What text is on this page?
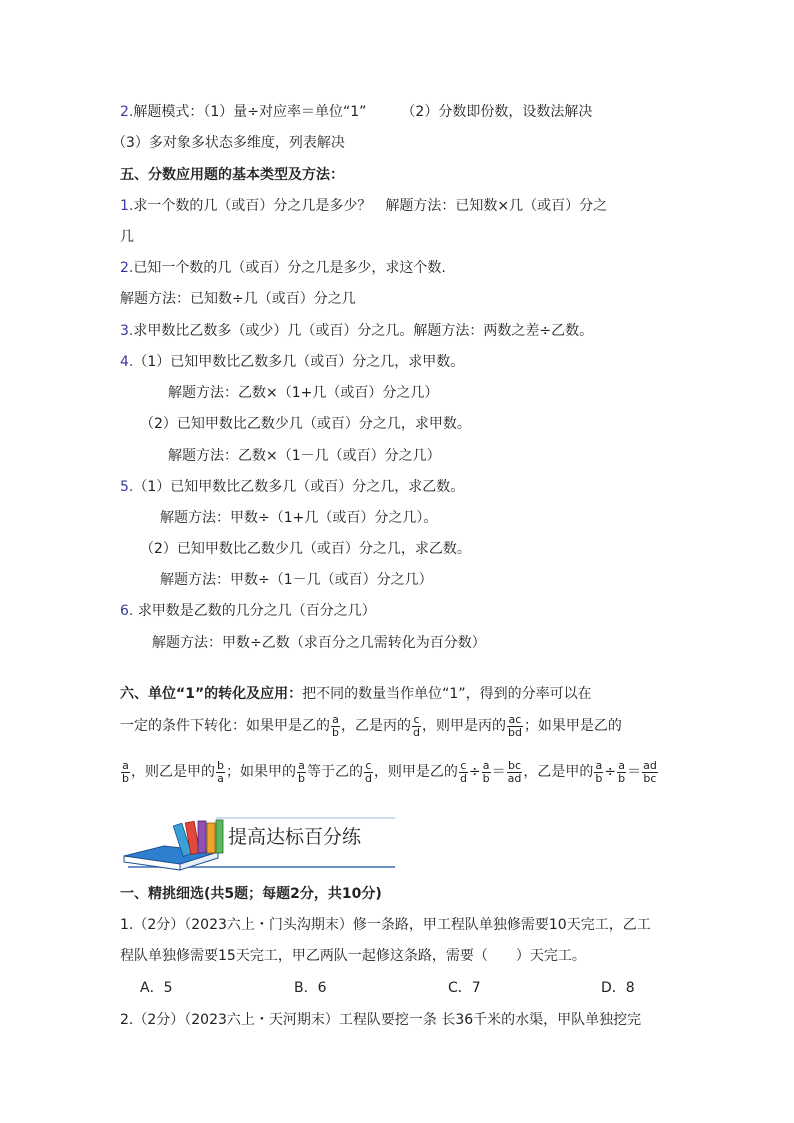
2.解题模式：（1）量÷对应率＝单位“1”　　　（2）分数即份数，设数法解决
（3）多对象多状态多维度，列表解决
五、分数应用题的基本类型及方法：
1.求一个数的几（或百）分之几是多少？　解题方法：已知数×几（或百）分之
几
2.已知一个数的几（或百）分之几是多少，求这个数.
解题方法：已知数÷几（或百）分之几
3.求甲数比乙数多（或少）几（或百）分之几。解题方法：两数之差÷乙数。
4.（1）已知甲数比乙数多几（或百）分之几，求甲数。
解题方法：乙数×（1+几（或百）分之几）
（2）已知甲数比乙数少几（或百）分之几，求甲数。
解题方法：乙数×（1－几（或百）分之几）
5.（1）已知甲数比乙数多几（或百）分之几，求乙数。
解题方法：甲数÷（1+几（或百）分之几）。
（2）已知甲数比乙数少几（或百）分之几，求乙数。
解题方法：甲数÷（1－几（或百）分之几）
6. 求甲数是乙数的几分之几（百分之几）
解题方法：甲数÷乙数（求百分之几需转化为百分数）
六、单位“1”的转化及应用：把不同的数量当作单位“1”，得到的分率可以在
一定的条件下转化：如果甲是乙的 $\frac{a}{b}$ ，乙是丙的 $\frac{c}{d}$ ，则甲是丙的 $\frac{ac}{bd}$ ；如果甲是乙的
$\frac{a}{b}$ ，则乙是甲的 $\frac{b}{a}$ ；如果甲的 $\frac{a}{b}$ 等于乙的 $\frac{c}{d}$ ，则甲是乙的 $\frac{c}{d} \div \frac{a}{b} = \frac{bc}{ad}$ ，乙是甲的 $\frac{a}{b} \div \frac{a}{b} = \frac{ad}{bc}$
提高达标百分练
一、精挑细选(共5题；每题2分，共10分)
1.（2分）（2023六上・门头沟期末）修一条路，甲工程队单独修需要10天完工，乙工
程队单独修需要15天完工，甲乙两队一起修这条路，需要（　　）天完工。
A．5	B．6	C．7	D．8
2.（2分）（2023六上・天河期末）工程队要挖一条 长36千米的水渠，甲队单独挖完
